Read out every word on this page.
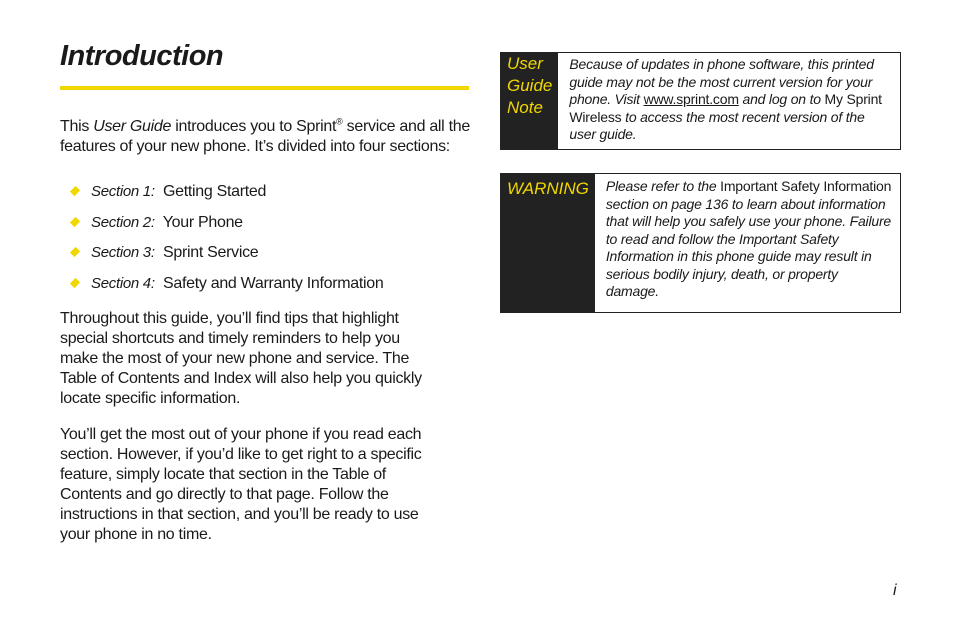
Introduction
This User Guide introduces you to Sprint® service and all the features of your new phone. It’s divided into four sections:
Section 1: Getting Started
Section 2: Your Phone
Section 3: Sprint Service
Section 4: Safety and Warranty Information
Throughout this guide, you’ll find tips that highlight special shortcuts and timely reminders to help you make the most of your new phone and service. The Table of Contents and Index will also help you quickly locate specific information.
You’ll get the most out of your phone if you read each section. However, if you’d like to get right to a specific feature, simply locate that section in the Table of Contents and go directly to that page. Follow the instructions in that section, and you’ll be ready to use your phone in no time.
User Guide Note
Because of updates in phone software, this printed guide may not be the most current version for your phone. Visit www.sprint.com and log on to My Sprint Wireless to access the most recent version of the user guide.
WARNING	Please refer to the Important Safety Information section on page 136 to learn about information that will help you safely use your phone. Failure to read and follow the Important Safety Information in this phone guide may result in serious bodily injury, death, or property damage.
i
